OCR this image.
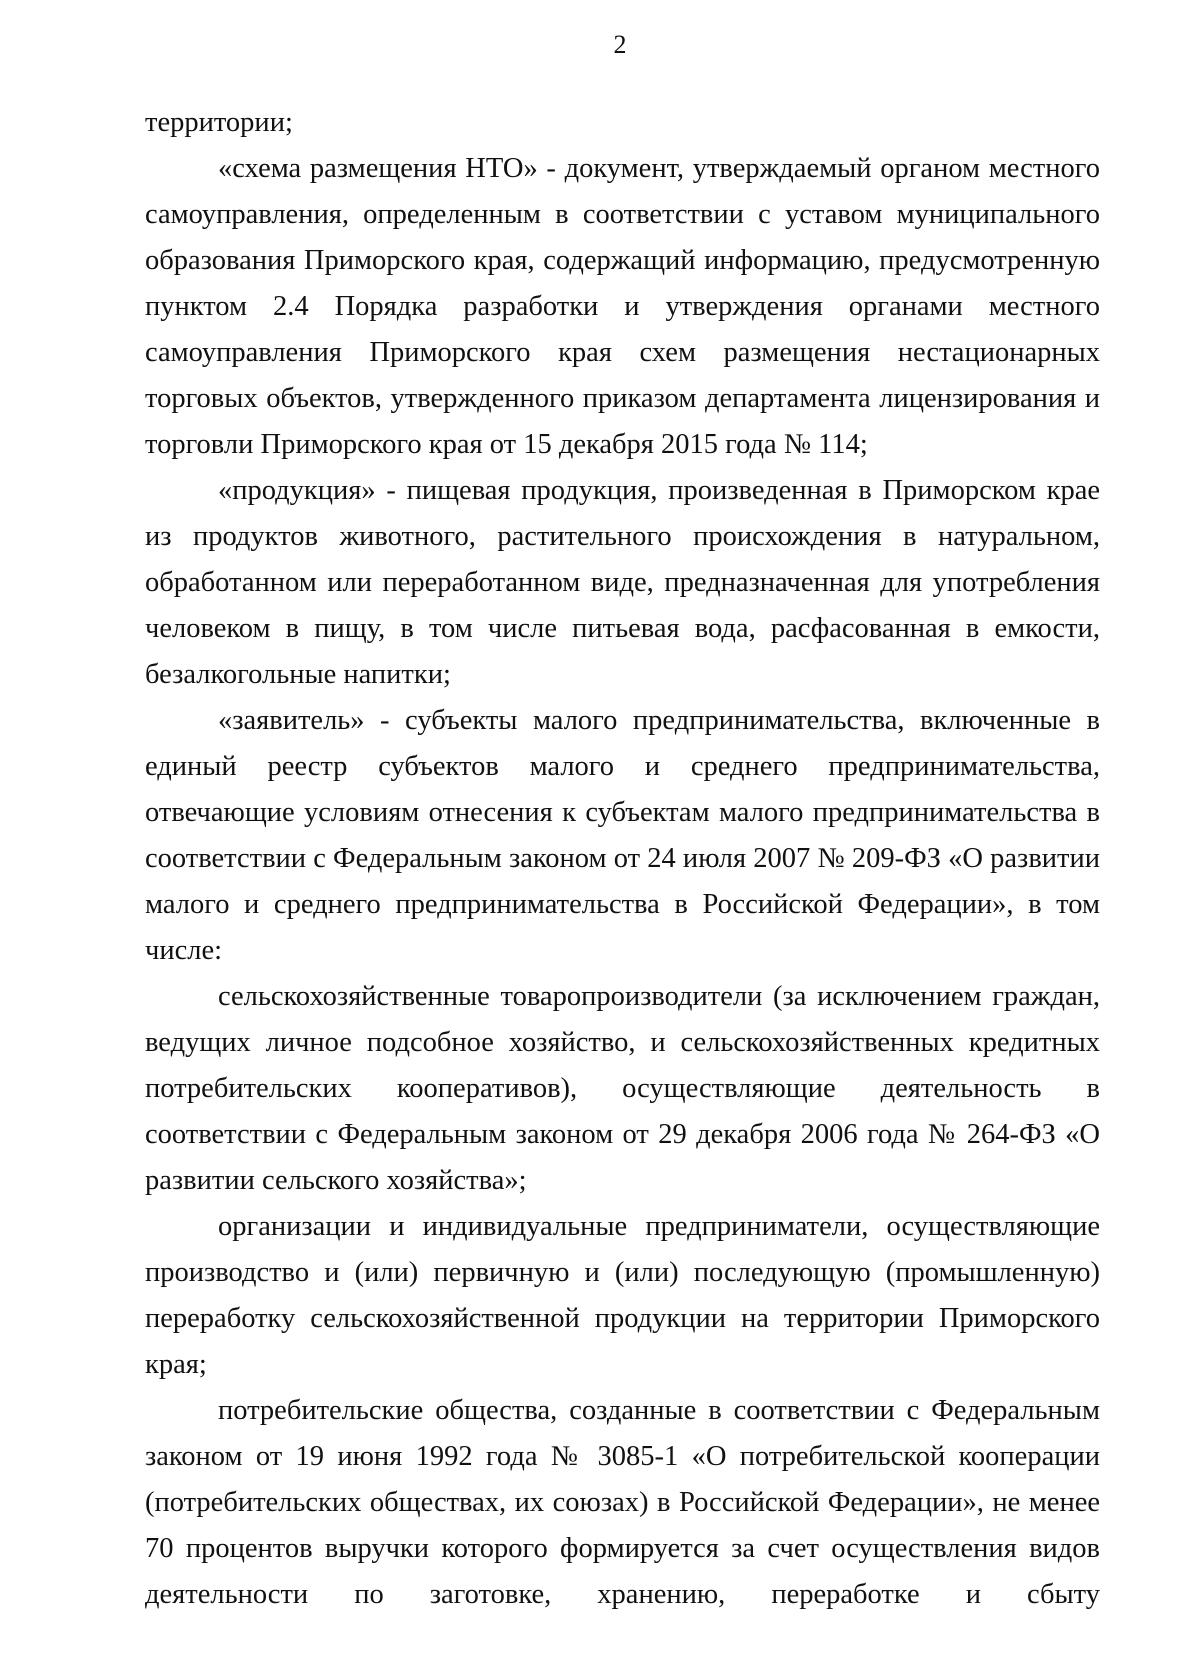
2

территории;

«схема размещения НТО» - документ, утверждаемый органом местного самоуправления, определенным в соответствии с уставом муниципального образования Приморского края, содержащий информацию, предусмотренную пунктом 2.4 Порядка разработки и утверждения органами местного самоуправления Приморского края схем размещения нестационарных торговых объектов, утвержденного приказом департамента лицензирования и торговли Приморского края от 15 декабря 2015 года № 114;

«продукция» - пищевая продукция, произведенная в Приморском крае из продуктов животного, растительного происхождения в натуральном, обработанном или переработанном виде, предназначенная для употребления человеком в пищу, в том числе питьевая вода, расфасованная в емкости, безалкогольные напитки;

«заявитель» - субъекты малого предпринимательства, включенные в единый реестр субъектов малого и среднего предпринимательства, отвечающие условиям отнесения к субъектам малого предпринимательства в соответствии с Федеральным законом от 24 июля 2007 № 209-ФЗ «О развитии малого и среднего предпринимательства в Российской Федерации», в том числе:

сельскохозяйственные товаропроизводители (за исключением граждан, ведущих личное подсобное хозяйство, и сельскохозяйственных кредитных потребительских кооперативов), осуществляющие деятельность в соответствии с Федеральным законом от 29 декабря 2006 года № 264-ФЗ «О развитии сельского хозяйства»;

организации и индивидуальные предприниматели, осуществляющие производство и (или) первичную и (или) последующую (промышленную) переработку сельскохозяйственной продукции на территории Приморского края;

потребительские общества, созданные в соответствии с Федеральным законом от 19 июня 1992 года № 3085-1 «О потребительской кооперации (потребительских обществах, их союзах) в Российской Федерации», не менее 70 процентов выручки которого формируется за счет осуществления видов деятельности по заготовке, хранению, переработке и сбыту
